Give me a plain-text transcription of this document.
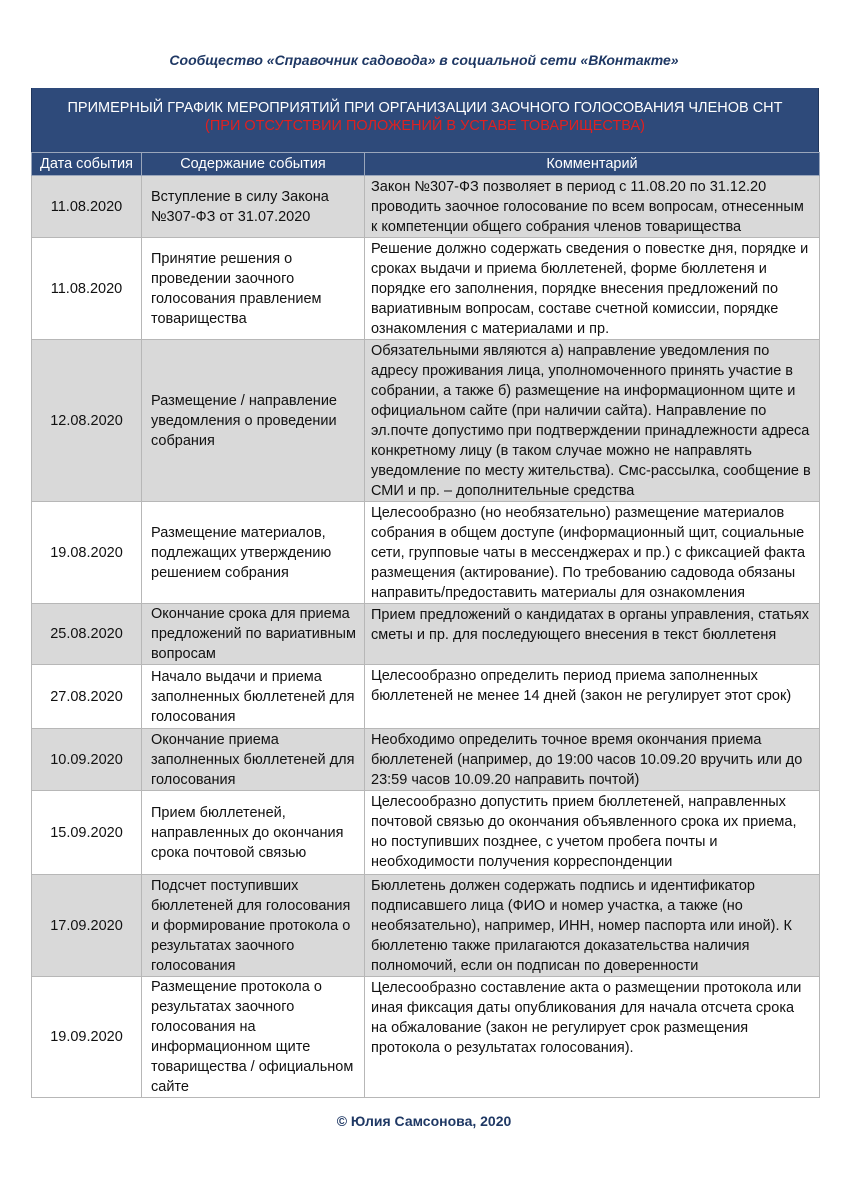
Сообщество «Справочник садовода» в социальной сети «ВКонтакте»
ПРИМЕРНЫЙ ГРАФИК МЕРОПРИЯТИЙ ПРИ ОРГАНИЗАЦИИ ЗАОЧНОГО ГОЛОСОВАНИЯ ЧЛЕНОВ СНТ
(ПРИ ОТСУТСТВИИ ПОЛОЖЕНИЙ В УСТАВЕ ТОВАРИЩЕСТВА)
Дата события	Содержание события	Комментарий
11.08.2020	Вступление в силу Закона №307-ФЗ от 31.07.2020	Закон №307-ФЗ позволяет в период с 11.08.20 по 31.12.20 проводить заочное голосование по всем вопросам, отнесенным к компетенции общего собрания членов товарищества
11.08.2020	Принятие решения о проведении заочного голосования правлением товарищества	Решение должно содержать сведения о повестке дня, порядке и сроках выдачи и приема бюллетеней, форме бюллетеня и порядке его заполнения, порядке внесения предложений по вариативным вопросам, составе счетной комиссии, порядке ознакомления с материалами и пр.
12.08.2020	Размещение / направление уведомления о проведении собрания	Обязательными являются а) направление уведомления по адресу проживания лица, уполномоченного принять участие в собрании, а также б) размещение на информационном щите и официальном сайте (при наличии сайта). Направление по эл.почте допустимо при подтверждении принадлежности адреса конкретному лицу (в таком случае можно не направлять уведомление по месту жительства). Смс-рассылка, сообщение в СМИ и пр. – дополнительные средства
19.08.2020	Размещение материалов, подлежащих утверждению решением собрания	Целесообразно (но необязательно) размещение материалов собрания в общем доступе (информационный щит, социальные сети, групповые чаты в мессенджерах и пр.) с фиксацией факта размещения (актирование). По требованию садовода обязаны направить/предоставить материалы для ознакомления
25.08.2020	Окончание срока для приема предложений по вариативным вопросам	Прием предложений о кандидатах в органы управления, статьях сметы и пр. для последующего внесения в текст бюллетеня
27.08.2020	Начало выдачи и приема заполненных бюллетеней для голосования	Целесообразно определить период приема заполненных бюллетеней не менее 14 дней (закон не регулирует этот срок)
10.09.2020	Окончание приема заполненных бюллетеней для голосования	Необходимо определить точное время окончания приема бюллетеней (например, до 19:00 часов 10.09.20 вручить или до 23:59 часов 10.09.20 направить почтой)
15.09.2020	Прием бюллетеней, направленных до окончания срока почтовой связью	Целесообразно допустить прием бюллетеней, направленных почтовой связью до окончания объявленного срока их приема, но поступивших позднее, с учетом пробега почты и необходимости получения корреспонденции
17.09.2020	Подсчет поступивших бюллетеней для голосования и формирование протокола о результатах заочного голосования	Бюллетень должен содержать подпись и идентификатор подписавшего лица (ФИО и номер участка, а также (но необязательно), например, ИНН, номер паспорта или иной). К бюллетеню также прилагаются доказательства наличия полномочий, если он подписан по доверенности
19.09.2020	Размещение протокола о результатах заочного голосования на информационном щите товарищества / официальном сайте	Целесообразно составление акта о размещении протокола или иная фиксация даты опубликования для начала отсчета срока на обжалование (закон не регулирует срок размещения протокола о результатах голосования).
© Юлия Самсонова, 2020
